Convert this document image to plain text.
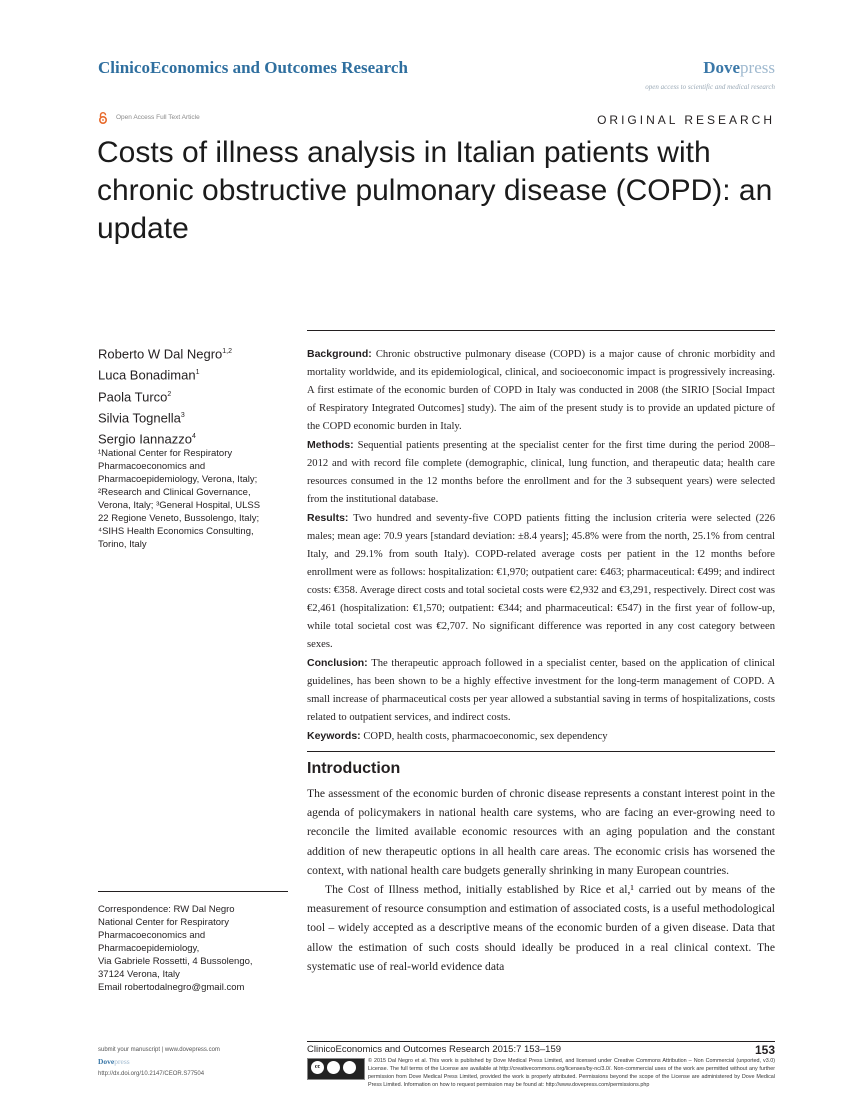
ClinicoEconomics and Outcomes Research	Dovepress
open access to scientific and medical research
Open Access Full Text Article	ORIGINAL RESEARCH
Costs of illness analysis in Italian patients with chronic obstructive pulmonary disease (COPD): an update
Roberto W Dal Negro$^{1,2}$
Luca Bonadiman$^1$
Paola Turco$^2$
Silvia Tognella$^3$
Sergio Iannazzo$^4$
¹National Center for Respiratory
Pharmacoeconomics and
Pharmacoepidemiology, Verona, Italy;
²Research and Clinical Governance,
Verona, Italy; ³General Hospital, ULSS
22 Regione Veneto, Bussolengo, Italy;
⁴SIHS Health Economics Consulting,
Torino, Italy
Correspondence: RW Dal Negro
National Center for Respiratory
Pharmacoeconomics and
Pharmacoepidemiology,
Via Gabriele Rossetti, 4 Bussolengo,
37124 Verona, Italy
Email robertodalnegro@gmail.com

Background: Chronic obstructive pulmonary disease (COPD) is a major cause of chronic morbidity and mortality worldwide, and its epidemiological, clinical, and socioeconomic impact is progressively increasing. A first estimate of the economic burden of COPD in Italy was conducted in 2008 (the SIRIO [Social Impact of Respiratory Integrated Outcomes] study). The aim of the present study is to provide an updated picture of the COPD economic burden in Italy.

Methods: Sequential patients presenting at the specialist center for the first time during the period 2008–2012 and with record file complete (demographic, clinical, lung function, and therapeutic data; health care resources consumed in the 12 months before the enrollment and for the 3 subsequent years) were selected from the institutional database.

Results: Two hundred and seventy-five COPD patients fitting the inclusion criteria were selected (226 males; mean age: 70.9 years [standard deviation: ±8.4 years]; 45.8% were from the north, 25.1% from central Italy, and 29.1% from south Italy). COPD-related average costs per patient in the 12 months before enrollment were as follows: hospitalization: €1,970; outpatient care: €463; pharmaceutical: €499; and indirect costs: €358. Average direct costs and total societal costs were €2,932 and €3,291, respectively. Direct cost was €2,461 (hospitalization: €1,570; outpatient: €344; and pharmaceutical: €547) in the first year of follow-up, while total societal cost was €2,707. No significant difference was reported in any cost category between sexes.

Conclusion: The therapeutic approach followed in a specialist center, based on the application of clinical guidelines, has been shown to be a highly effective investment for the long-term management of COPD. A small increase of pharmaceutical costs per year allowed a substantial saving in terms of hospitalizations, costs related to outpatient services, and indirect costs.

Keywords: COPD, health costs, pharmacoeconomic, sex dependency

Introduction

The assessment of the economic burden of chronic disease represents a constant interest point in the agenda of policymakers in national health care systems, who are facing an ever-growing need to reconcile the limited available economic resources with an aging population and the constant addition of new therapeutic options in all health care areas. The economic crisis has worsened the context, with national health care budgets generally shrinking in many European countries.

The Cost of Illness method, initially established by Rice et al,¹ carried out by means of the measurement of resource consumption and estimation of associated costs, is a useful methodological tool – widely accepted as a descriptive means of the economic burden of a given disease. Data that allow the estimation of such costs should ideally be produced in a real clinical context. The systematic use of real-world evidence data

submit your manuscript | www.dovepress.com
Dovepress
http://dx.doi.org/10.2147/CEOR.S77504
ClinicoEconomics and Outcomes Research 2015:7 153–159	153
cc
© 2015 Dal Negro et al. This work is published by Dove Medical Press Limited, and licensed under Creative Commons Attribution – Non Commercial (unported, v3.0) License. The full terms of the License are available at http://creativecommons.org/licenses/by-nc/3.0/. Non-commercial uses of the work are permitted without any further permission from Dove Medical Press Limited, provided the work is properly attributed. Permissions beyond the scope of the License are administered by Dove Medical Press Limited. Information on how to request permission may be found at: http://www.dovepress.com/permissions.php
